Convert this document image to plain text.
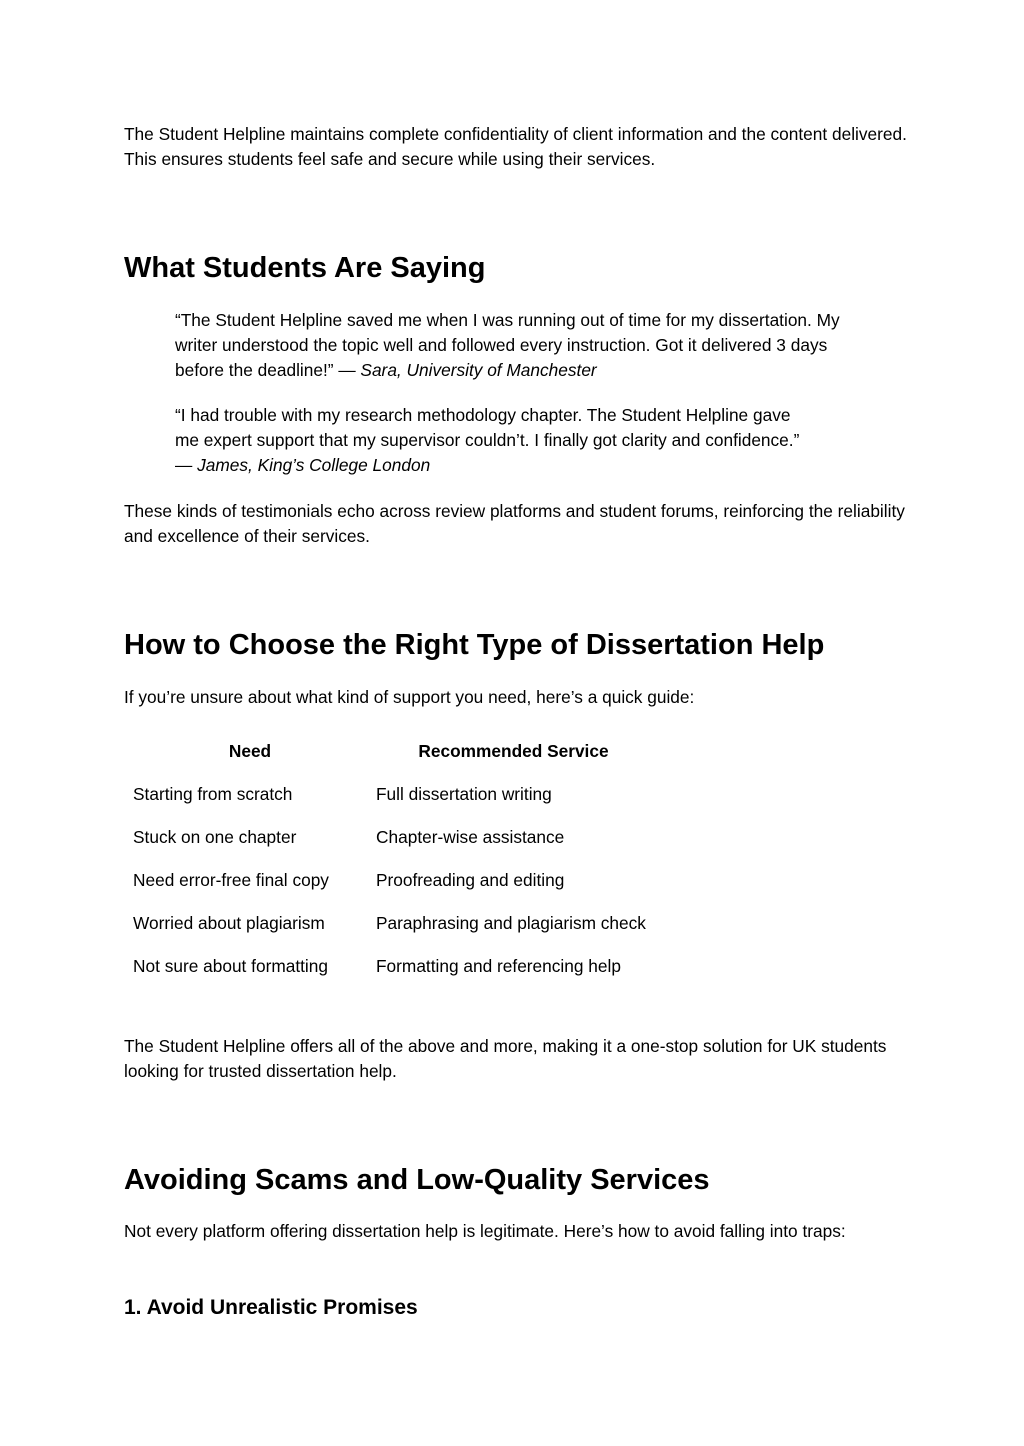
The Student Helpline maintains complete confidentiality of client information and the content delivered. This ensures students feel safe and secure while using their services.

What Students Are Saying

“The Student Helpline saved me when I was running out of time for my dissertation. My writer understood the topic well and followed every instruction. Got it delivered 3 days before the deadline!” — Sara, University of Manchester

“I had trouble with my research methodology chapter. The Student Helpline gave me expert support that my supervisor couldn’t. I finally got clarity and confidence.” — James, King’s College London

These kinds of testimonials echo across review platforms and student forums, reinforcing the reliability and excellence of their services.

How to Choose the Right Type of Dissertation Help

If you’re unsure about what kind of support you need, here’s a quick guide:

Need	Recommended Service
Starting from scratch	Full dissertation writing
Stuck on one chapter	Chapter-wise assistance
Need error-free final copy	Proofreading and editing
Worried about plagiarism	Paraphrasing and plagiarism check
Not sure about formatting	Formatting and referencing help

The Student Helpline offers all of the above and more, making it a one-stop solution for UK students looking for trusted dissertation help.

Avoiding Scams and Low-Quality Services

Not every platform offering dissertation help is legitimate. Here’s how to avoid falling into traps:

1. Avoid Unrealistic Promises
